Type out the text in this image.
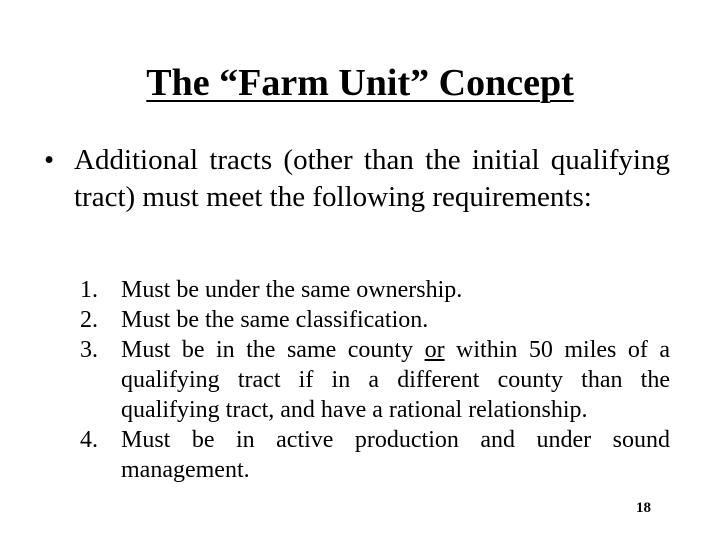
The “Farm Unit” Concept
• Additional tracts (other than the initial qualifying tract) must meet the following requirements:
1. Must be under the same ownership.
2. Must be the same classification.
3. Must be in the same county or within 50 miles of a qualifying tract if in a different county than the qualifying tract, and have a rational relationship.
4. Must be in active production and under sound management.
18
